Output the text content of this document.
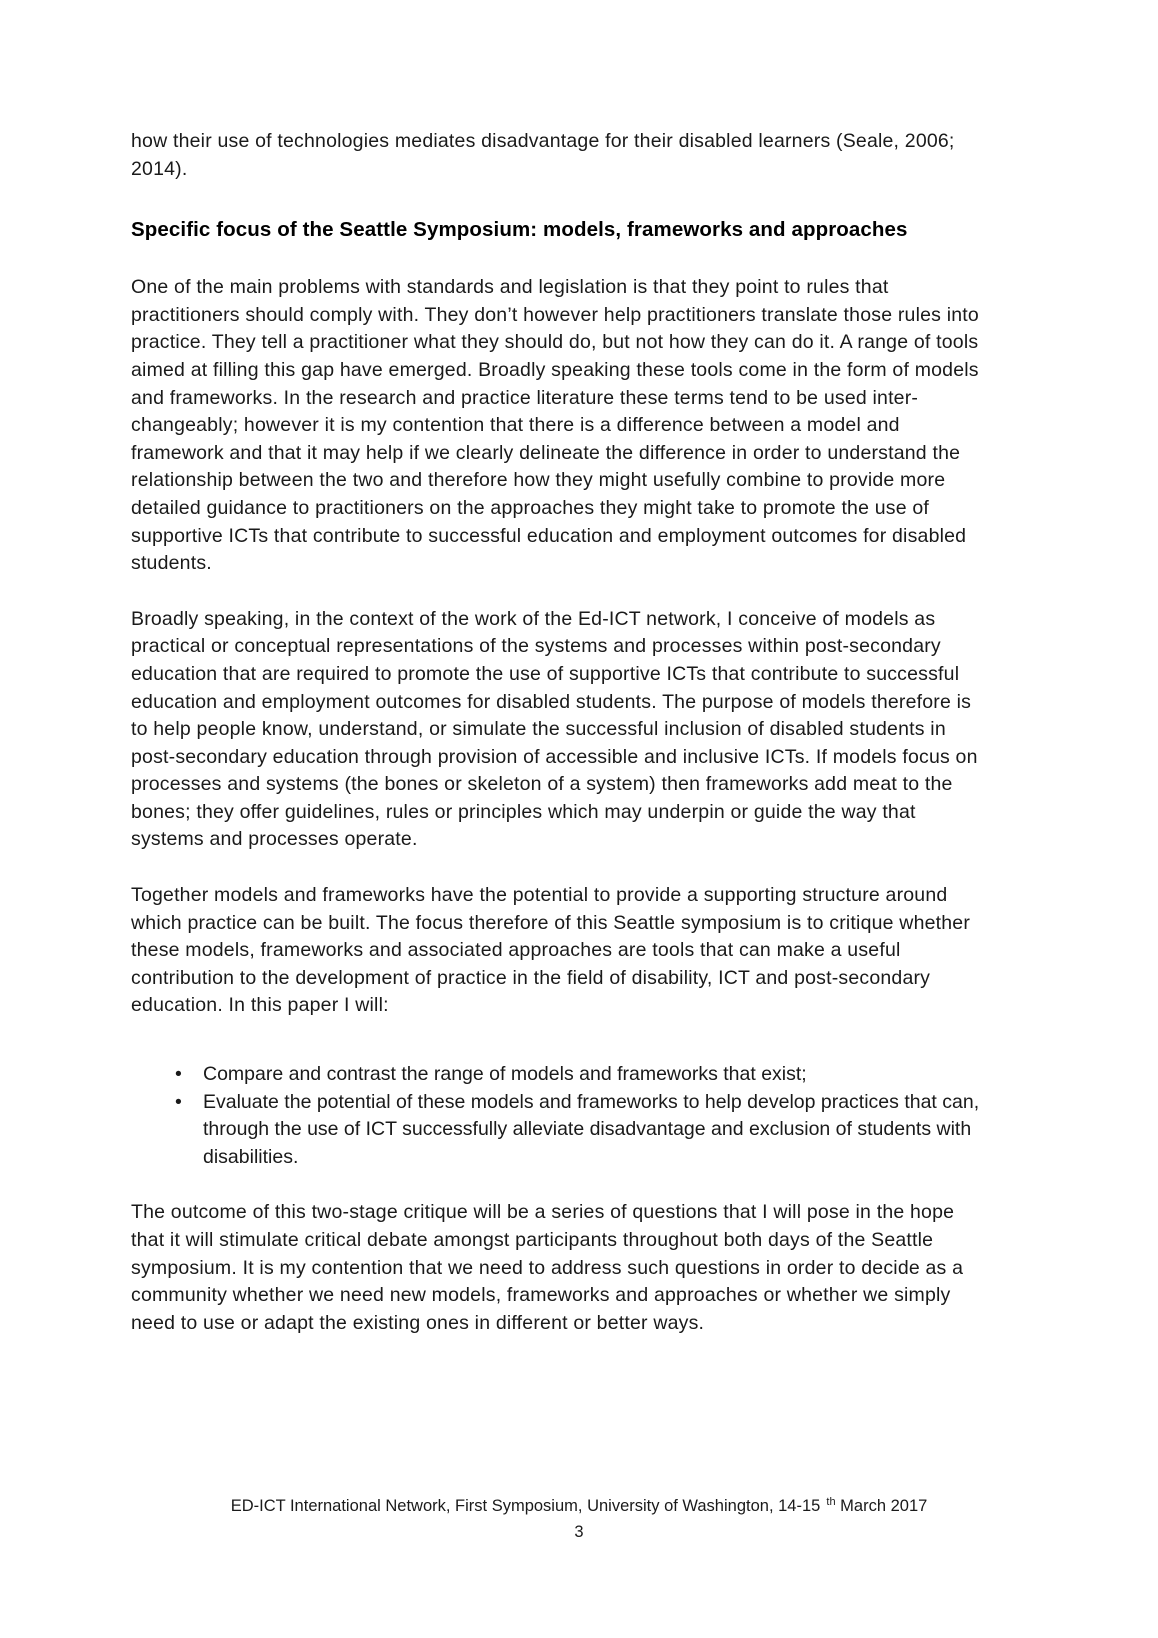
how their use of technologies mediates disadvantage for their disabled learners (Seale, 2006; 2014).

Specific focus of the Seattle Symposium: models, frameworks and approaches

One of the main problems with standards and legislation is that they point to rules that practitioners should comply with. They don’t however help practitioners translate those rules into practice. They tell a practitioner what they should do, but not how they can do it. A range of tools aimed at filling this gap have emerged. Broadly speaking these tools come in the form of models and frameworks. In the research and practice literature these terms tend to be used inter-changeably; however it is my contention that there is a difference between a model and framework and that it may help if we clearly delineate the difference in order to understand the relationship between the two and therefore how they might usefully combine to provide more detailed guidance to practitioners on the approaches they might take to promote the use of supportive ICTs that contribute to successful education and employment outcomes for disabled students.

Broadly speaking, in the context of the work of the Ed-ICT network, I conceive of models as practical or conceptual representations of the systems and processes within post-secondary education that are required to promote the use of supportive ICTs that contribute to successful education and employment outcomes for disabled students. The purpose of models therefore is to help people know, understand, or simulate the successful inclusion of disabled students in post-secondary education through provision of accessible and inclusive ICTs. If models focus on processes and systems (the bones or skeleton of a system) then frameworks add meat to the bones; they offer guidelines, rules or principles which may underpin or guide the way that systems and processes operate.

Together models and frameworks have the potential to provide a supporting structure around which practice can be built. The focus therefore of this Seattle symposium is to critique whether these models, frameworks and associated approaches are tools that can make a useful contribution to the development of practice in the field of disability, ICT and post-secondary education. In this paper I will:

• Compare and contrast the range of models and frameworks that exist;
• Evaluate the potential of these models and frameworks to help develop practices that can, through the use of ICT successfully alleviate disadvantage and exclusion of students with disabilities.

The outcome of this two-stage critique will be a series of questions that I will pose in the hope that it will stimulate critical debate amongst participants throughout both days of the Seattle symposium. It is my contention that we need to address such questions in order to decide as a community whether we need new models, frameworks and approaches or whether we simply need to use or adapt the existing ones in different or better ways.

ED-ICT International Network, First Symposium, University of Washington, 14-15 $^{th}$ March 2017
3
